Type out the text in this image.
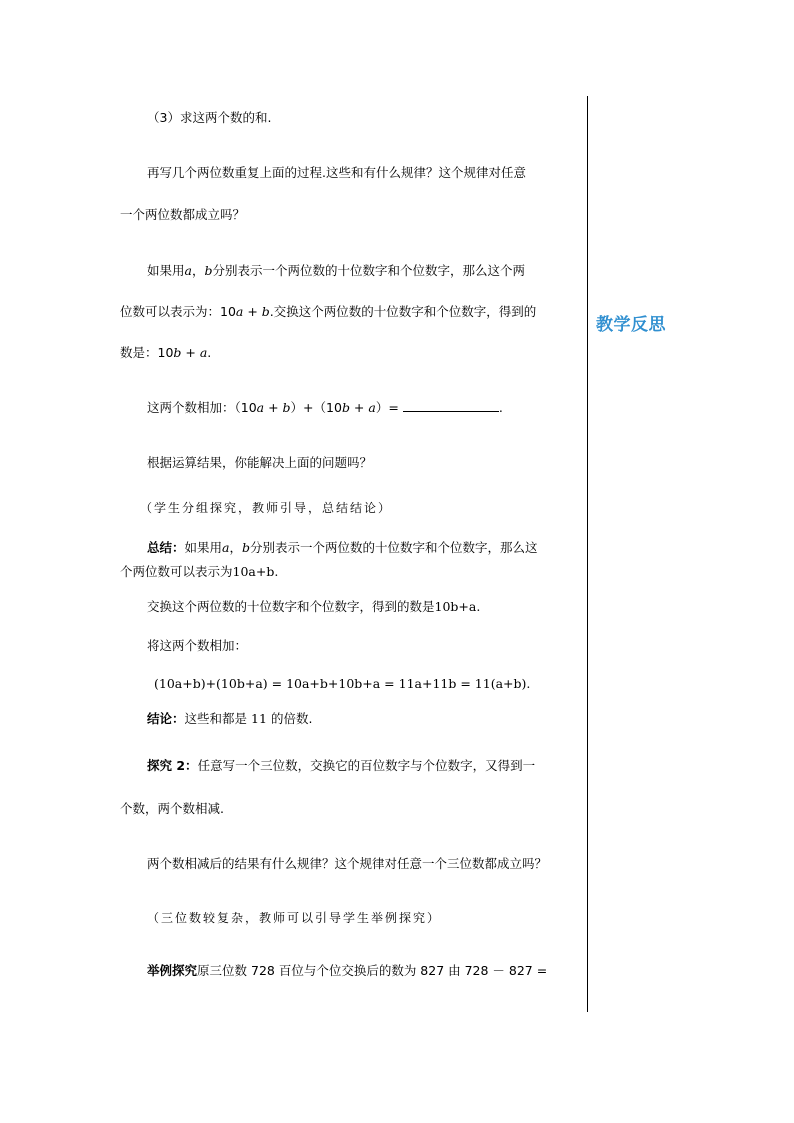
教学反思
（3）求这两个数的和.
再写几个两位数重复上面的过程.这些和有什么规律？这个规律对任意
一个两位数都成立吗？
如果用a，b分别表示一个两位数的十位数字和个位数字，那么这个两
位数可以表示为：10a + b.交换这个两位数的十位数字和个位数字，得到的
数是：10b + a.
这两个数相加：（10a + b）+（10b + a）=	.
根据运算结果，你能解决上面的问题吗？
（学生分组探究，教师引导，总结结论）
总结：如果用a，b分别表示一个两位数的十位数字和个位数字，那么这
个两位数可以表示为10a+b.
交换这个两位数的十位数字和个位数字，得到的数是10b+a.
将这两个数相加：
(10a+b)+(10b+a) = 10a+b+10b+a = 11a+11b = 11(a+b).
结论：这些和都是 11 的倍数.
探究 2：任意写一个三位数，交换它的百位数字与个位数字，又得到一
个数，两个数相减.
两个数相减后的结果有什么规律？这个规律对任意一个三位数都成立吗？
（三位数较复杂，教师可以引导学生举例探究）
举例探究原三位数 728 百位与个位交换后的数为 827 由 728 － 827 =
